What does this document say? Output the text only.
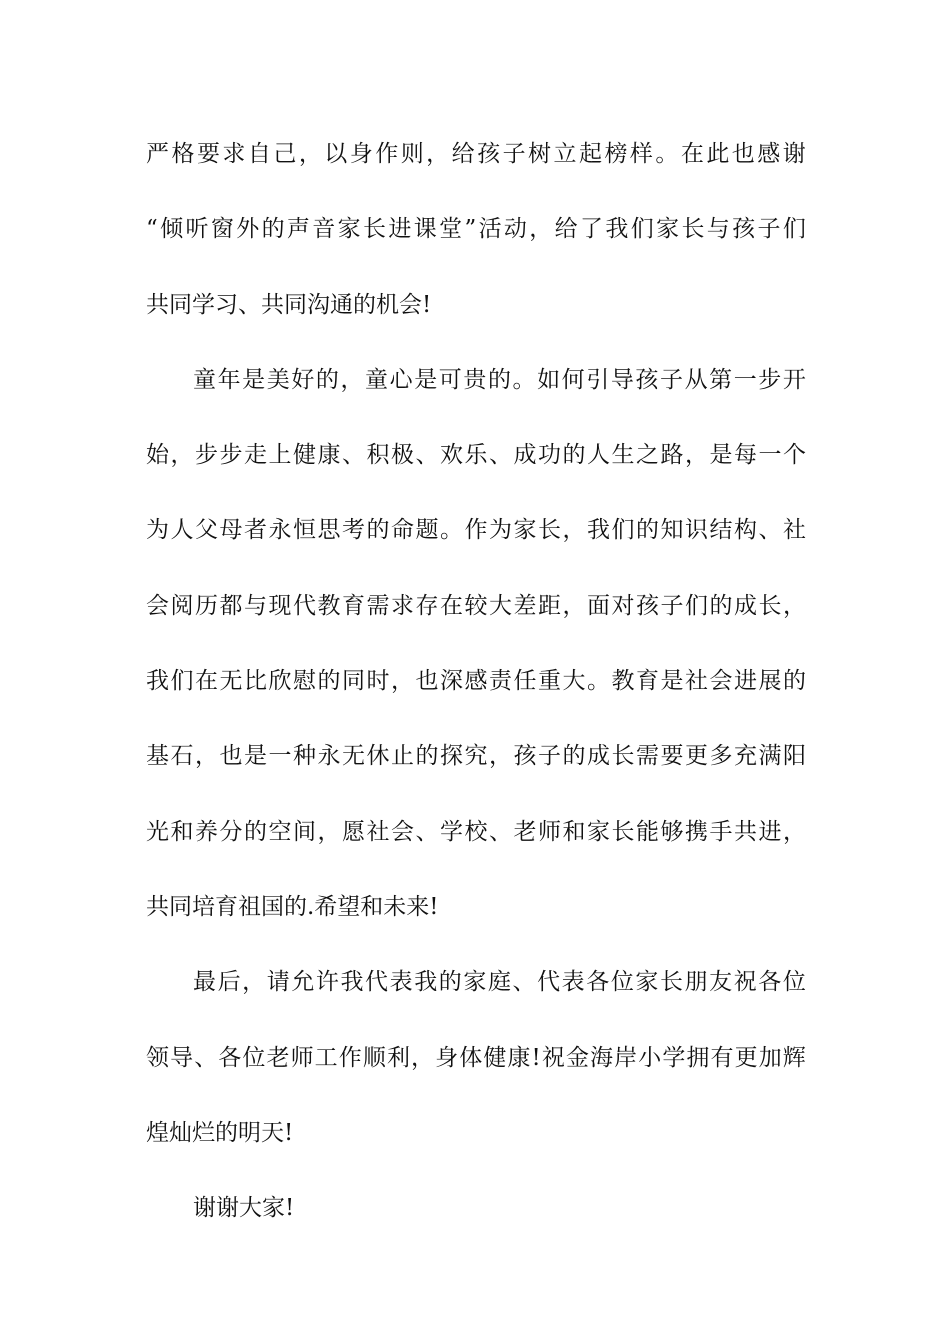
严 格 要 求 自 己 ， 以 身 作 则 ， 给 孩 子 树 立 起 榜 样 。 在 此 也 感 谢
“ 倾 听 窗 外 的 声 音 家 长 进 课 堂 ” 活 动 ， 给 了 我 们 家 长 与 孩 子 们
共同学习、共同沟通的机会!
童 年 是 美 好 的 ， 童 心 是 可 贵 的 。 如 何 引 导 孩 子 从 第 一 步 开
始 ， 步 步 走 上 健 康 、 积 极 、 欢 乐 、 成 功 的 人 生 之 路 ， 是 每 一 个
为 人 父 母 者 永 恒 思 考 的 命 题 。 作 为 家 长 ， 我 们 的 知 识 结 构 、 社
会 阅 历 都 与 现 代 教 育 需 求 存 在 较 大 差 距 ， 面 对 孩 子 们 的 成 长 ，
我 们 在 无 比 欣 慰 的 同 时 ， 也 深 感 责 任 重 大 。 教 育 是 社 会 进 展 的
基 石 ， 也 是 一 种 永 无 休 止 的 探 究 ， 孩 子 的 成 长 需 要 更 多 充 满 阳
光 和 养 分 的 空 间 ， 愿 社 会 、 学 校 、 老 师 和 家 长 能 够 携 手 共 进 ，
共同培育祖国的.希望和未来!
最 后 ， 请 允 许 我 代 表 我 的 家 庭 、 代 表 各 位 家 长 朋 友 祝 各 位
领 导 、 各 位 老 师 工 作 顺 利 ， 身 体 健 康 ! 祝 金 海 岸 小 学 拥 有 更 加 辉
煌灿烂的明天!
谢谢大家!
